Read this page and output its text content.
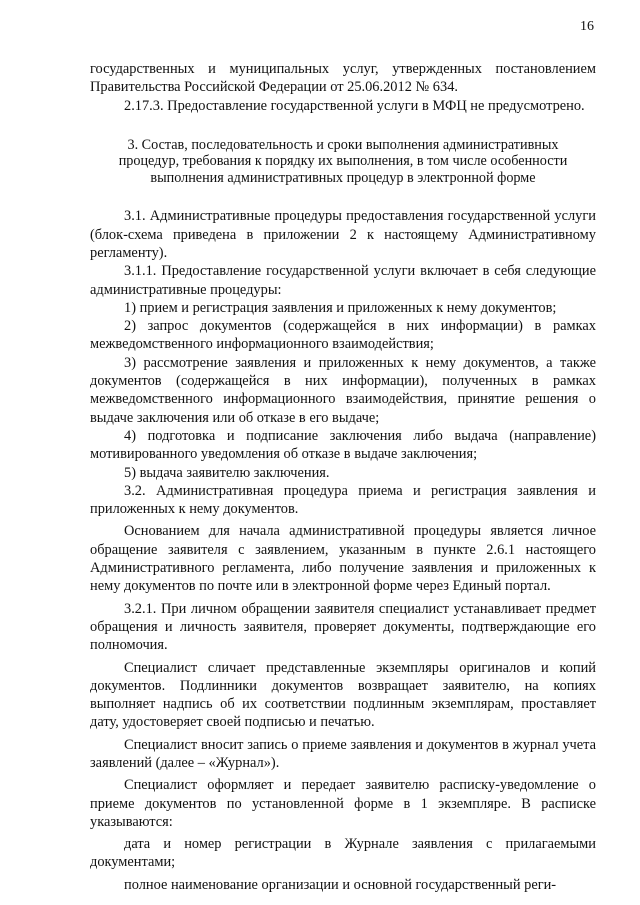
16

государственных и муниципальных услуг, утвержденных постановлением Правительства Российской Федерации от 25.06.2012 № 634.

2.17.3. Предоставление государственной услуги в МФЦ не предусмотрено.

3. Состав, последовательность и сроки выполнения административных процедур, требования к порядку их выполнения, в том числе особенности выполнения административных процедур в электронной форме

3.1. Административные процедуры предоставления государственной услуги (блок-схема приведена в приложении 2 к настоящему Административному регламенту).

3.1.1. Предоставление государственной услуги включает в себя следующие административные процедуры:

1) прием и регистрация заявления и приложенных к нему документов;

2) запрос документов (содержащейся в них информации) в рамках межведомственного информационного взаимодействия;

3) рассмотрение заявления и приложенных к нему документов, а также документов (содержащейся в них информации), полученных в рамках межведомственного информационного взаимодействия, принятие решения о выдаче заключения или об отказе в его выдаче;

4) подготовка и подписание заключения либо выдача (направление) мотивированного уведомления об отказе в выдаче заключения;

5) выдача заявителю заключения.

3.2. Административная процедура приема и регистрация заявления и приложенных к нему документов.

Основанием для начала административной процедуры является личное обращение заявителя с заявлением, указанным в пункте 2.6.1 настоящего Административного регламента, либо получение заявления и приложенных к нему документов по почте или в электронной форме через Единый портал.

3.2.1. При личном обращении заявителя специалист устанавливает предмет обращения и личность заявителя, проверяет документы, подтверждающие его полномочия.

Специалист сличает представленные экземпляры оригиналов и копий документов. Подлинники документов возвращает заявителю, на копиях выполняет надпись об их соответствии подлинным экземплярам, проставляет дату, удостоверяет своей подписью и печатью.

Специалист вносит запись о приеме заявления и документов в журнал учета заявлений (далее – «Журнал»).

Специалист оформляет и передает заявителю расписку-уведомление о приеме документов по установленной форме в 1 экземпляре. В расписке указываются:

дата и номер регистрации в Журнале заявления с прилагаемыми документами;

полное наименование организации и основной государственный реги-
